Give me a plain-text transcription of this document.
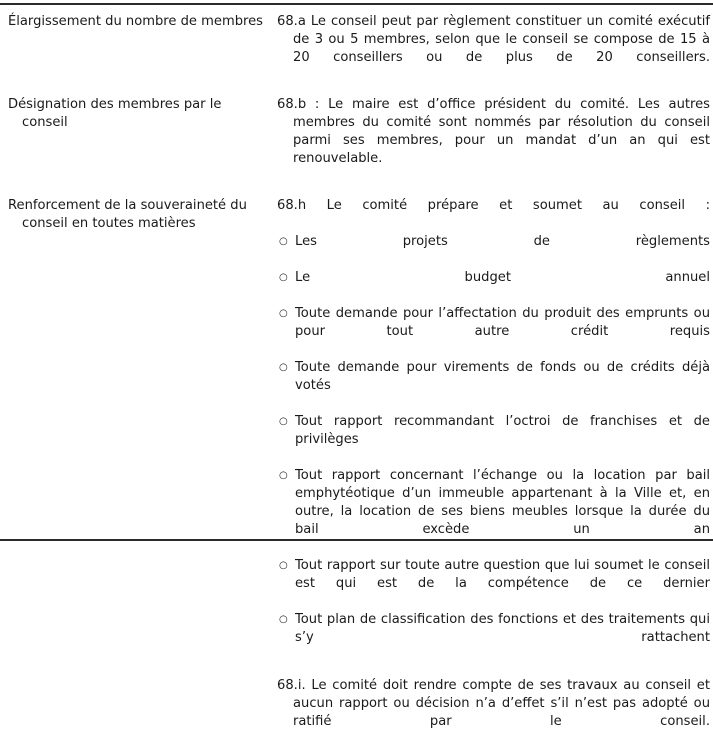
Élargissement du nombre de membres	68.a Le conseil peut par règlement constituer un comité exécutif de 3 ou 5 membres, selon que le conseil se compose de 15 à 20 conseillers ou de plus de 20 conseillers.

Désignation des membres par le conseil

68.b : Le maire est d’office président du comité. Les autres membres du comité sont nommés par résolution du conseil parmi ses membres, pour un mandat d’un an qui est renouvelable.

Renforcement de la souveraineté du conseil en toutes matières

68.h Le comité prépare et soumet au conseil :

○ Les projets de règlements
○ Le budget annuel
○ Toute demande pour l’affectation du produit des emprunts ou pour tout autre crédit requis
○ Toute demande pour virements de fonds ou de crédits déjà votés
○ Tout rapport recommandant l’octroi de franchises et de privilèges
○ Tout rapport concernant l’échange ou la location par bail emphytéotique d’un immeuble appartenant à la Ville et, en outre, la location de ses biens meubles lorsque la durée du bail excède un an
○ Tout rapport sur toute autre question que lui soumet le conseil est qui est de la compétence de ce dernier
○ Tout plan de classification des fonctions et des traitements qui s’y rattachent

68.i. Le comité doit rendre compte de ses travaux au conseil et aucun rapport ou décision n’a d’effet s’il n’est pas adopté ou ratifié par le conseil.
